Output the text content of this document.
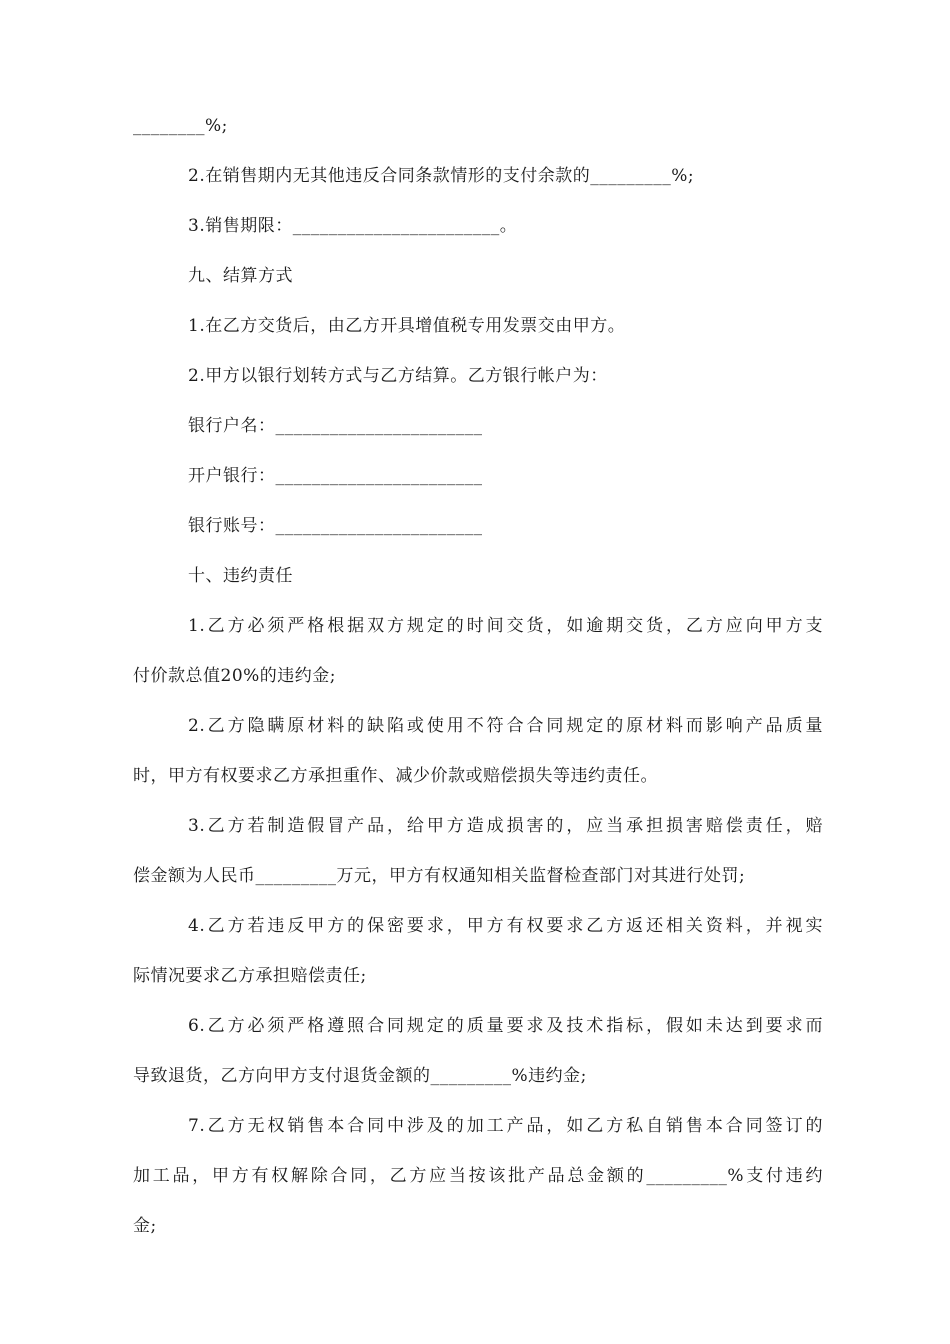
________%;
2.在销售期内无其他违反合同条款情形的支付余款的_________%;
3.销售期限：_______________________。
九、结算方式
1.在乙方交货后，由乙方开具增值税专用发票交由甲方。
2.甲方以银行划转方式与乙方结算。乙方银行帐户为：
银行户名：_______________________
开户银行：_______________________
银行账号：_______________________
十、违约责任
1.乙方必须严格根据双方规定的时间交货，如逾期交货，乙方应向甲方支
付价款总值20%的违约金;
2.乙方隐瞒原材料的缺陷或使用不符合合同规定的原材料而影响产品质量
时，甲方有权要求乙方承担重作、减少价款或赔偿损失等违约责任。
3.乙方若制造假冒产品，给甲方造成损害的，应当承担损害赔偿责任，赔
偿金额为人民币_________万元，甲方有权通知相关监督检查部门对其进行处罚;
4.乙方若违反甲方的保密要求，甲方有权要求乙方返还相关资料，并视实
际情况要求乙方承担赔偿责任;
6.乙方必须严格遵照合同规定的质量要求及技术指标，假如未达到要求而
导致退货，乙方向甲方支付退货金额的_________%违约金;
7.乙方无权销售本合同中涉及的加工产品，如乙方私自销售本合同签订的
加工品，甲方有权解除合同，乙方应当按该批产品总金额的_________%支付违约
金;
